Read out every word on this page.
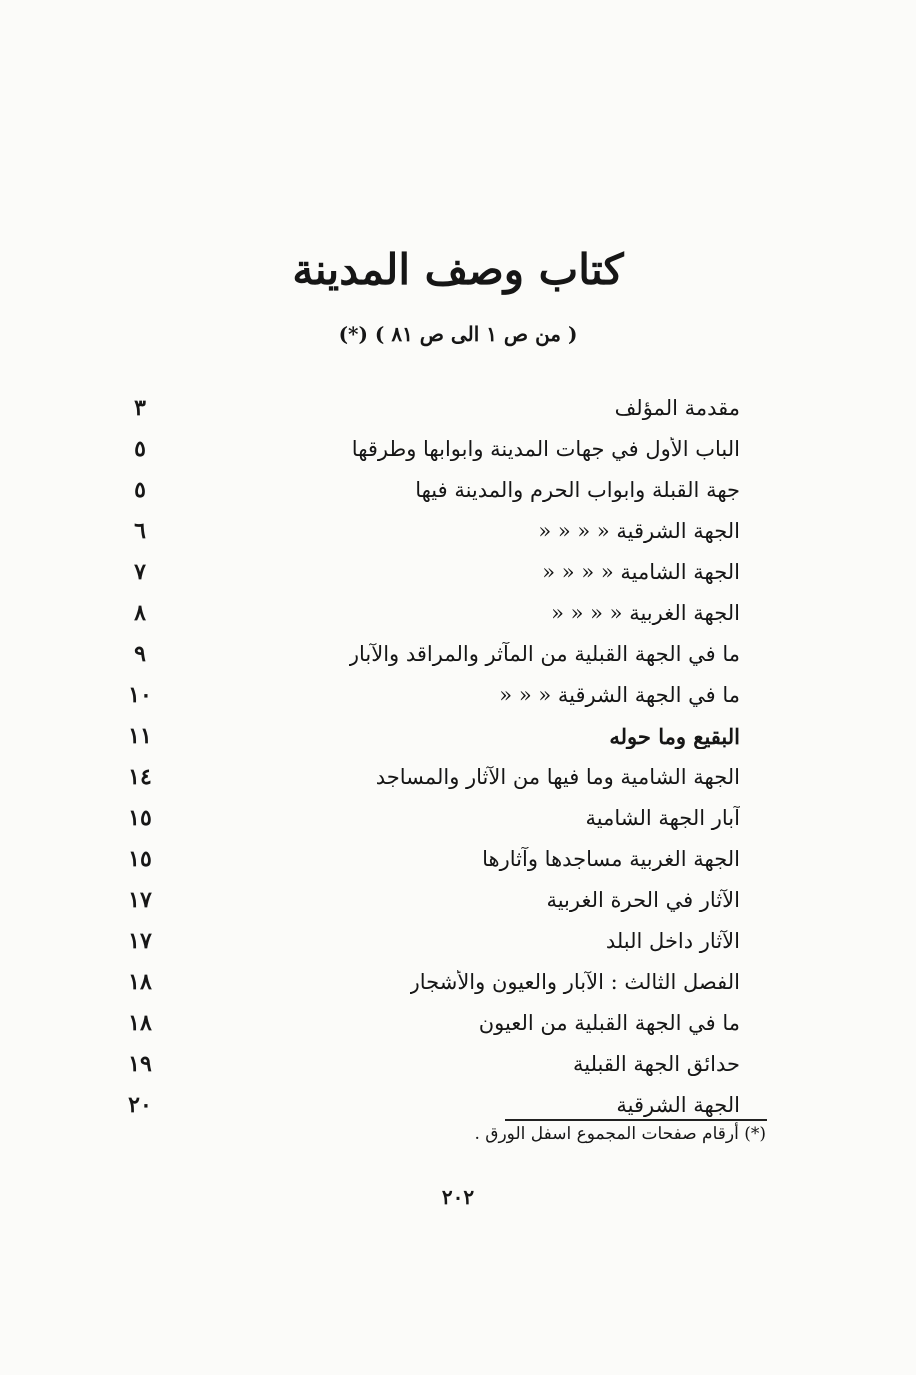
كتاب وصف المدينة
( من ص ١ الى ص ٨١ ) (*)
٣	مقدمة المؤلف
٥	الباب الأول في جهات المدينة وابوابها وطرقها
٥	جهة القبلة وابواب الحرم والمدينة فيها
٦	الجهة الشرقية « « « «
٧	الجهة الشامية « « « «
٨	الجهة الغربية « « « «
٩	ما في الجهة القبلية من المآثر والمراقد والآبار
١٠	ما في الجهة الشرقية « « «
١١	البقيع وما حوله
١٤	الجهة الشامية وما فيها من الآثار والمساجد
١٥	آبار الجهة الشامية
١٥	الجهة الغربية مساجدها وآثارها
١٧	الآثار في الحرة الغربية
١٧	الآثار داخل البلد
١٨	الفصل الثالث : الآبار والعيون والأشجار
١٨	ما في الجهة القبلية من العيون
١٩	حدائق الجهة القبلية
٢٠	الجهة الشرقية
(*) أرقام صفحات المجموع اسفل الورق .
٢٠٢
